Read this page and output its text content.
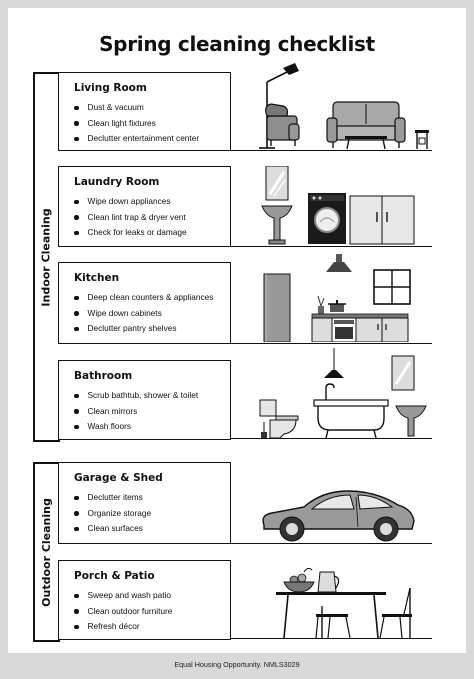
Spring cleaning checklist
Indoor Cleaning
Outdoor Cleaning
Living Room
Dust & vacuum
Clean light fixtures
Declutter entertainment center
Laundry Room
Wipe down appliances
Clean lint trap & dryer vent
Check for leaks or damage
Kitchen
Deep clean counters & appliances
Wipe down cabinets
Declutter pantry shelves
Bathroom
Scrub bathtub, shower & toilet
Clean mirrors
Wash floors
Garage & Shed
Declutter items
Organize storage
Clean surfaces
Porch & Patio
Sweep and wash patio
Clean outdoor furniture
Refresh décor
Equal Housing Opportunity. NMLS3029
